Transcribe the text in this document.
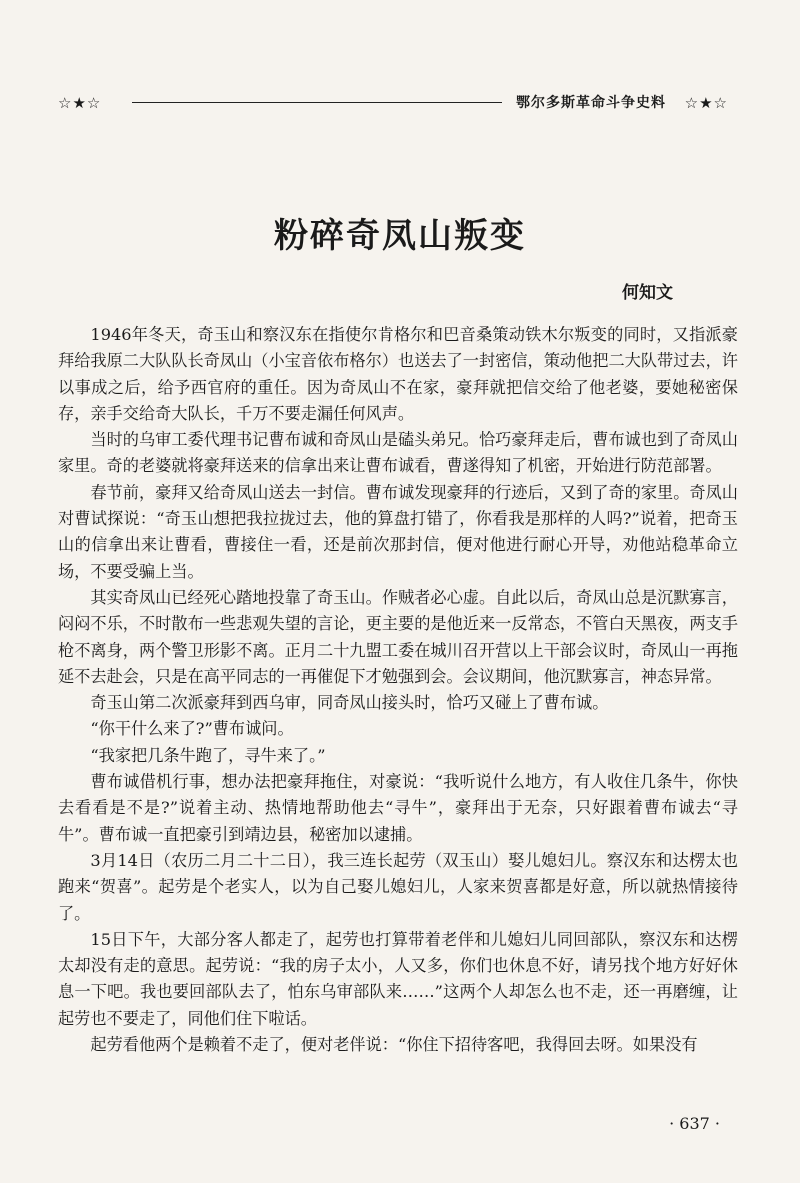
☆★☆	鄂尔多斯革命斗争史料 ☆★☆
粉碎奇凤山叛变
何知文

1946年冬天，奇玉山和察汉东在指使尔肯格尔和巴音桑策动铁木尔叛变的同时，又指派豪拜给我原二大队队长奇凤山（小宝音依布格尔）也送去了一封密信，策动他把二大队带过去，许以事成之后，给予西官府的重任。因为奇凤山不在家，豪拜就把信交给了他老婆，要她秘密保存，亲手交给奇大队长，千万不要走漏任何风声。

当时的乌审工委代理书记曹布诚和奇凤山是磕头弟兄。恰巧豪拜走后，曹布诚也到了奇凤山家里。奇的老婆就将豪拜送来的信拿出来让曹布诚看，曹遂得知了机密，开始进行防范部署。

春节前，豪拜又给奇凤山送去一封信。曹布诚发现豪拜的行迹后，又到了奇的家里。奇凤山对曹试探说：“奇玉山想把我拉拢过去，他的算盘打错了，你看我是那样的人吗?”说着，把奇玉山的信拿出来让曹看，曹接住一看，还是前次那封信，便对他进行耐心开导，劝他站稳革命立场，不要受骗上当。

其实奇凤山已经死心踏地投靠了奇玉山。作贼者必心虚。自此以后，奇凤山总是沉默寡言，闷闷不乐，不时散布一些悲观失望的言论，更主要的是他近来一反常态，不管白天黑夜，两支手枪不离身，两个警卫形影不离。正月二十九盟工委在城川召开营以上干部会议时，奇凤山一再拖延不去赴会，只是在高平同志的一再催促下才勉强到会。会议期间，他沉默寡言，神态异常。

奇玉山第二次派豪拜到西乌审，同奇凤山接头时，恰巧又碰上了曹布诚。

“你干什么来了?”曹布诚问。

“我家把几条牛跑了，寻牛来了。”

曹布诚借机行事，想办法把豪拜拖住，对豪说：“我听说什么地方，有人收住几条牛，你快去看看是不是?”说着主动、热情地帮助他去“寻牛”，豪拜出于无奈，只好跟着曹布诚去“寻牛”。曹布诚一直把豪引到靖边县，秘密加以逮捕。

3月14日（农历二月二十二日），我三连长起劳（双玉山）娶儿媳妇儿。察汉东和达楞太也跑来“贺喜”。起劳是个老实人，以为自己娶儿媳妇儿，人家来贺喜都是好意，所以就热情接待了。

15日下午，大部分客人都走了，起劳也打算带着老伴和儿媳妇儿同回部队，察汉东和达楞太却没有走的意思。起劳说：“我的房子太小，人又多，你们也休息不好，请另找个地方好好休息一下吧。我也要回部队去了，怕东乌审部队来……”这两个人却怎么也不走，还一再磨缠，让起劳也不要走了，同他们住下啦话。

起劳看他两个是赖着不走了，便对老伴说：“你住下招待客吧，我得回去呀。如果没有

· 637 ·
